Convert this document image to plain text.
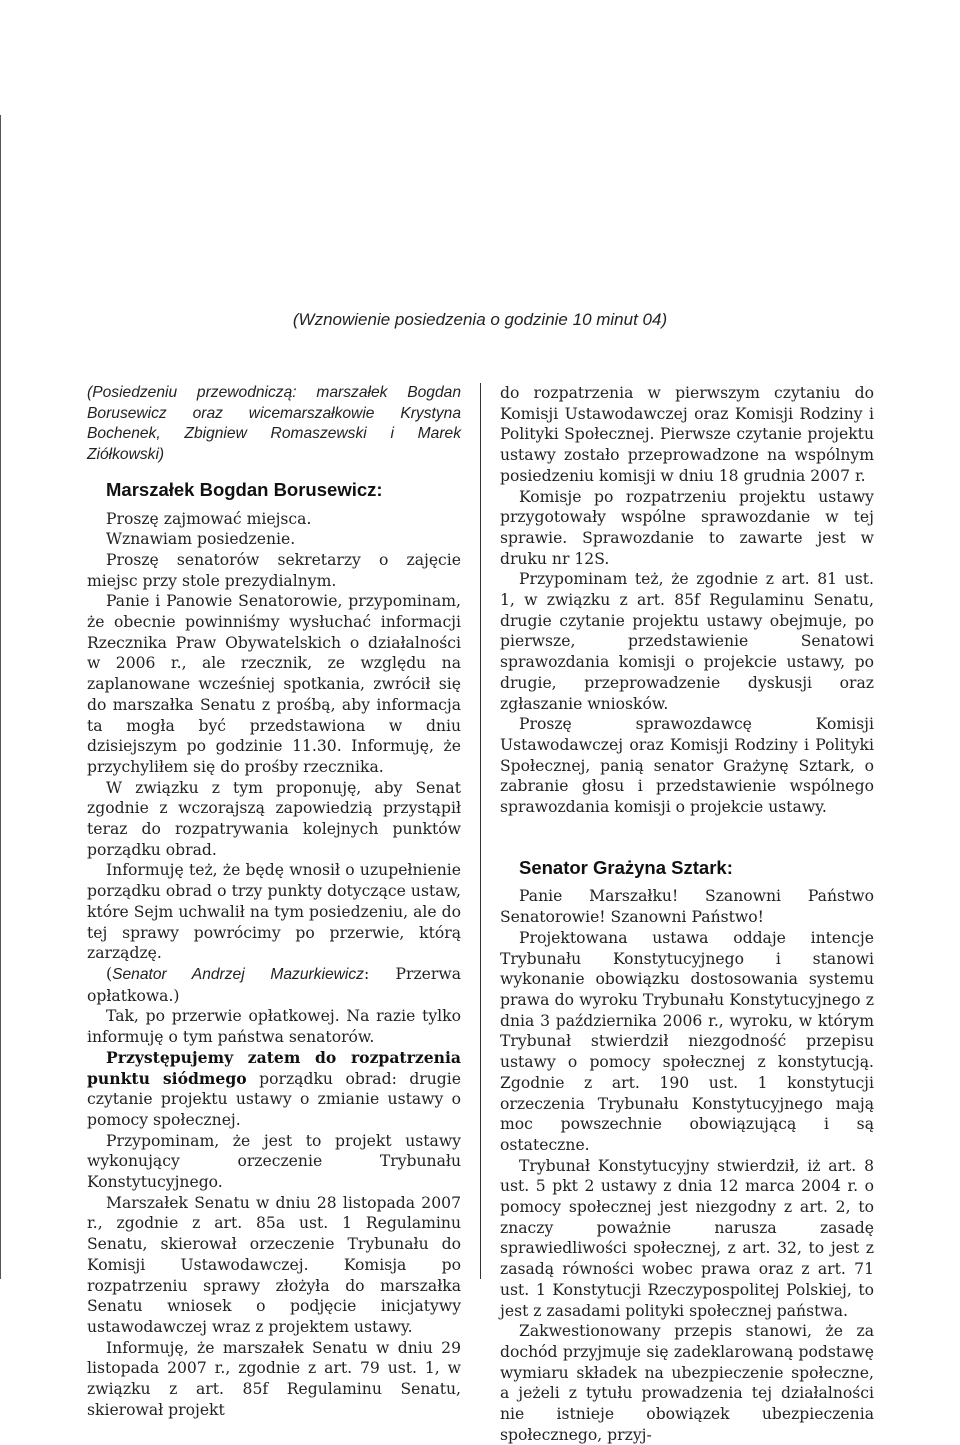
(Wznowienie posiedzenia o godzinie 10 minut 04)

(Posiedzeniu przewodniczą: marszałek Bogdan Borusewicz oraz wicemarszałkowie Krystyna Bochenek, Zbigniew Romaszewski i Marek Ziółkowski)

Marszałek Bogdan Borusewicz:

Proszę zajmować miejsca.

Wznawiam posiedzenie.

Proszę senatorów sekretarzy o zajęcie miejsc przy stole prezydialnym.

Panie i Panowie Senatorowie, przypominam, że obecnie powinniśmy wysłuchać informacji Rzecznika Praw Obywatelskich o działalności w 2006 r., ale rzecznik, ze względu na zaplanowane wcześniej spotkania, zwrócił się do marszałka Senatu z prośbą, aby informacja ta mogła być przedstawiona w dniu dzisiejszym po godzinie 11.30. Informuję, że przychyliłem się do prośby rzecznika.

W związku z tym proponuję, aby Senat zgodnie z wczorajszą zapowiedzią przystąpił teraz do rozpatrywania kolejnych punktów porządku obrad.

Informuję też, że będę wnosił o uzupełnienie porządku obrad o trzy punkty dotyczące ustaw, które Sejm uchwalił na tym posiedzeniu, ale do tej sprawy powrócimy po przerwie, którą zarządzę.

(Senator Andrzej Mazurkiewicz: Przerwa opłatkowa.)

Tak, po przerwie opłatkowej. Na razie tylko informuję o tym państwa senatorów.

Przystępujemy zatem do rozpatrzenia punktu siódmego porządku obrad: drugie czytanie projektu ustawy o zmianie ustawy o pomocy społecznej.

Przypominam, że jest to projekt ustawy wykonujący orzeczenie Trybunału Konstytucyjnego.

Marszałek Senatu w dniu 28 listopada 2007 r., zgodnie z art. 85a ust. 1 Regulaminu Senatu, skierował orzeczenie Trybunału do Komisji Ustawodawczej. Komisja po rozpatrzeniu sprawy złożyła do marszałka Senatu wniosek o podjęcie inicjatywy ustawodawczej wraz z projektem ustawy.

Informuję, że marszałek Senatu w dniu 29 listopada 2007 r., zgodnie z art. 79 ust. 1, w związku z art. 85f Regulaminu Senatu, skierował projekt

do rozpatrzenia w pierwszym czytaniu do Komisji Ustawodawczej oraz Komisji Rodziny i Polityki Społecznej. Pierwsze czytanie projektu ustawy zostało przeprowadzone na wspólnym posiedzeniu komisji w dniu 18 grudnia 2007 r.

Komisje po rozpatrzeniu projektu ustawy przygotowały wspólne sprawozdanie w tej sprawie. Sprawozdanie to zawarte jest w druku nr 12S.

Przypominam też, że zgodnie z art. 81 ust. 1, w związku z art. 85f Regulaminu Senatu, drugie czytanie projektu ustawy obejmuje, po pierwsze, przedstawienie Senatowi sprawozdania komisji o projekcie ustawy, po drugie, przeprowadzenie dyskusji oraz zgłaszanie wniosków.

Proszę sprawozdawcę Komisji Ustawodawczej oraz Komisji Rodziny i Polityki Społecznej, panią senator Grażynę Sztark, o zabranie głosu i przedstawienie wspólnego sprawozdania komisji o projekcie ustawy.

Senator Grażyna Sztark:

Panie Marszałku! Szanowni Państwo Senatorowie! Szanowni Państwo!

Projektowana ustawa oddaje intencje Trybunału Konstytucyjnego i stanowi wykonanie obowiązku dostosowania systemu prawa do wyroku Trybunału Konstytucyjnego z dnia 3 października 2006 r., wyroku, w którym Trybunał stwierdził niezgodność przepisu ustawy o pomocy społecznej z konstytucją. Zgodnie z art. 190 ust. 1 konstytucji orzeczenia Trybunału Konstytucyjnego mają moc powszechnie obowiązującą i są ostateczne.

Trybunał Konstytucyjny stwierdził, iż art. 8 ust. 5 pkt 2 ustawy z dnia 12 marca 2004 r. o pomocy społecznej jest niezgodny z art. 2, to znaczy poważnie narusza zasadę sprawiedliwości społecznej, z art. 32, to jest z zasadą równości wobec prawa oraz z art. 71 ust. 1 Konstytucji Rzeczypospolitej Polskiej, to jest z zasadami polityki społecznej państwa.

Zakwestionowany przepis stanowi, że za dochód przyjmuje się zadeklarowaną podstawę wymiaru składek na ubezpieczenie społeczne, a jeżeli z tytułu prowadzenia tej działalności nie istnieje obowiązek ubezpieczenia społecznego, przyj-
